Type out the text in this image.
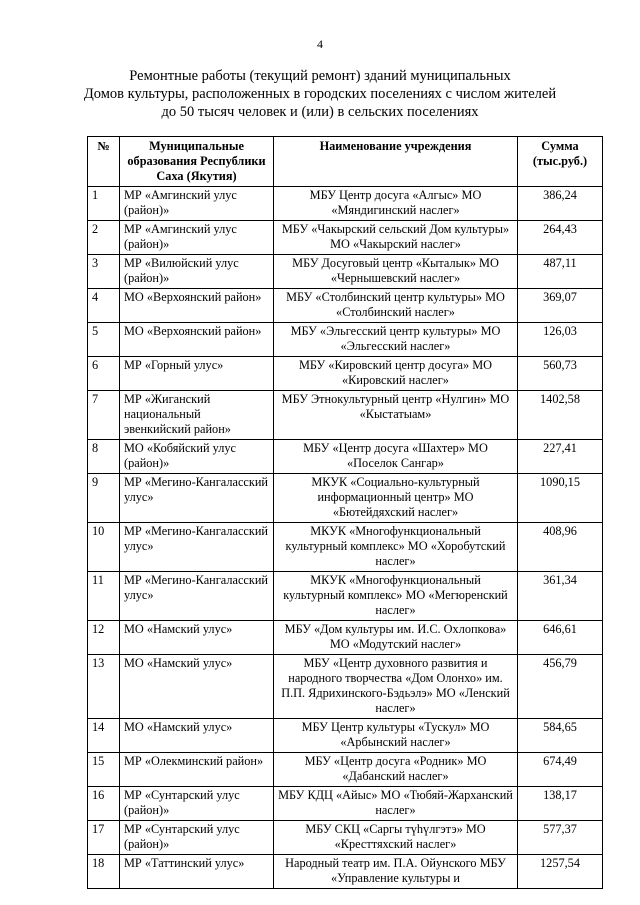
4
Ремонтные работы (текущий ремонт) зданий муниципальных
Домов культуры, расположенных в городских поселениях с числом жителей
до 50 тысяч человек и (или) в сельских поселениях
№	Муниципальные образования Республики Саха (Якутия)	Наименование учреждения	Сумма (тыс.руб.)
1	МР «Амгинский улус (район)»	МБУ Центр досуга «Алгыс» МО «Мяндигинский наслег»	386,24
2	МР «Амгинский улус (район)»	МБУ «Чакырский сельский Дом культуры» МО «Чакырский наслег»	264,43
3	МР «Вилюйский улус (район)»	МБУ Досуговый центр «Кыталык» МО «Чернышевский наслег»	487,11
4	МО «Верхоянский район»	МБУ «Столбинский центр культуры» МО «Столбинский наслег»	369,07
5	МО «Верхоянский район»	МБУ «Эльгесский центр культуры» МО «Эльгесский наслег»	126,03
6	МР «Горный улус»	МБУ «Кировский центр досуга» МО «Кировский наслег»	560,73
7	МР «Жиганский национальный эвенкийский район»	МБУ Этнокультурный центр «Нулгин» МО «Кыстатыам»	1402,58
8	МО «Кобяйский улус (район)»	МБУ «Центр досуга «Шахтер» МО «Поселок Сангар»	227,41
9	МР «Мегино-Кангаласский улус»	МКУК «Социально-культурный информационный центр» МО «Бютейдяхский наслег»	1090,15
10	МР «Мегино-Кангаласский улус»	МКУК «Многофункциональный культурный комплекс» МО «Хоробутский наслег»	408,96
11	МР «Мегино-Кангаласский улус»	МКУК «Многофункциональный культурный комплекс» МО «Мегюренский наслег»	361,34
12	МО «Намский улус»	МБУ «Дом культуры им. И.С. Охлопкова» МО «Модутский наслег»	646,61
13	МО «Намский улус»	МБУ «Центр духовного развития и народного творчества «Дом Олонхо» им. П.П. Ядрихинского-Бэдьэлэ» МО «Ленский наслег»	456,79
14	МО «Намский улус»	МБУ Центр культуры «Тускул» МО «Арбынский наслег»	584,65
15	МР «Олекминский район»	МБУ «Центр досуга «Родник» МО «Дабанский наслег»	674,49
16	МР «Сунтарский улус (район)»	МБУ КДЦ «Айыс» МО «Тюбяй-Жарханский наслег»	138,17
17	МР «Сунтарский улус (район)»	МБУ СКЦ «Саргы түһүлгэтэ» МО «Кресттяхский наслег»	577,37
18	МР «Таттинский улус»	Народный театр им. П.А. Ойунского МБУ «Управление культуры и	1257,54
